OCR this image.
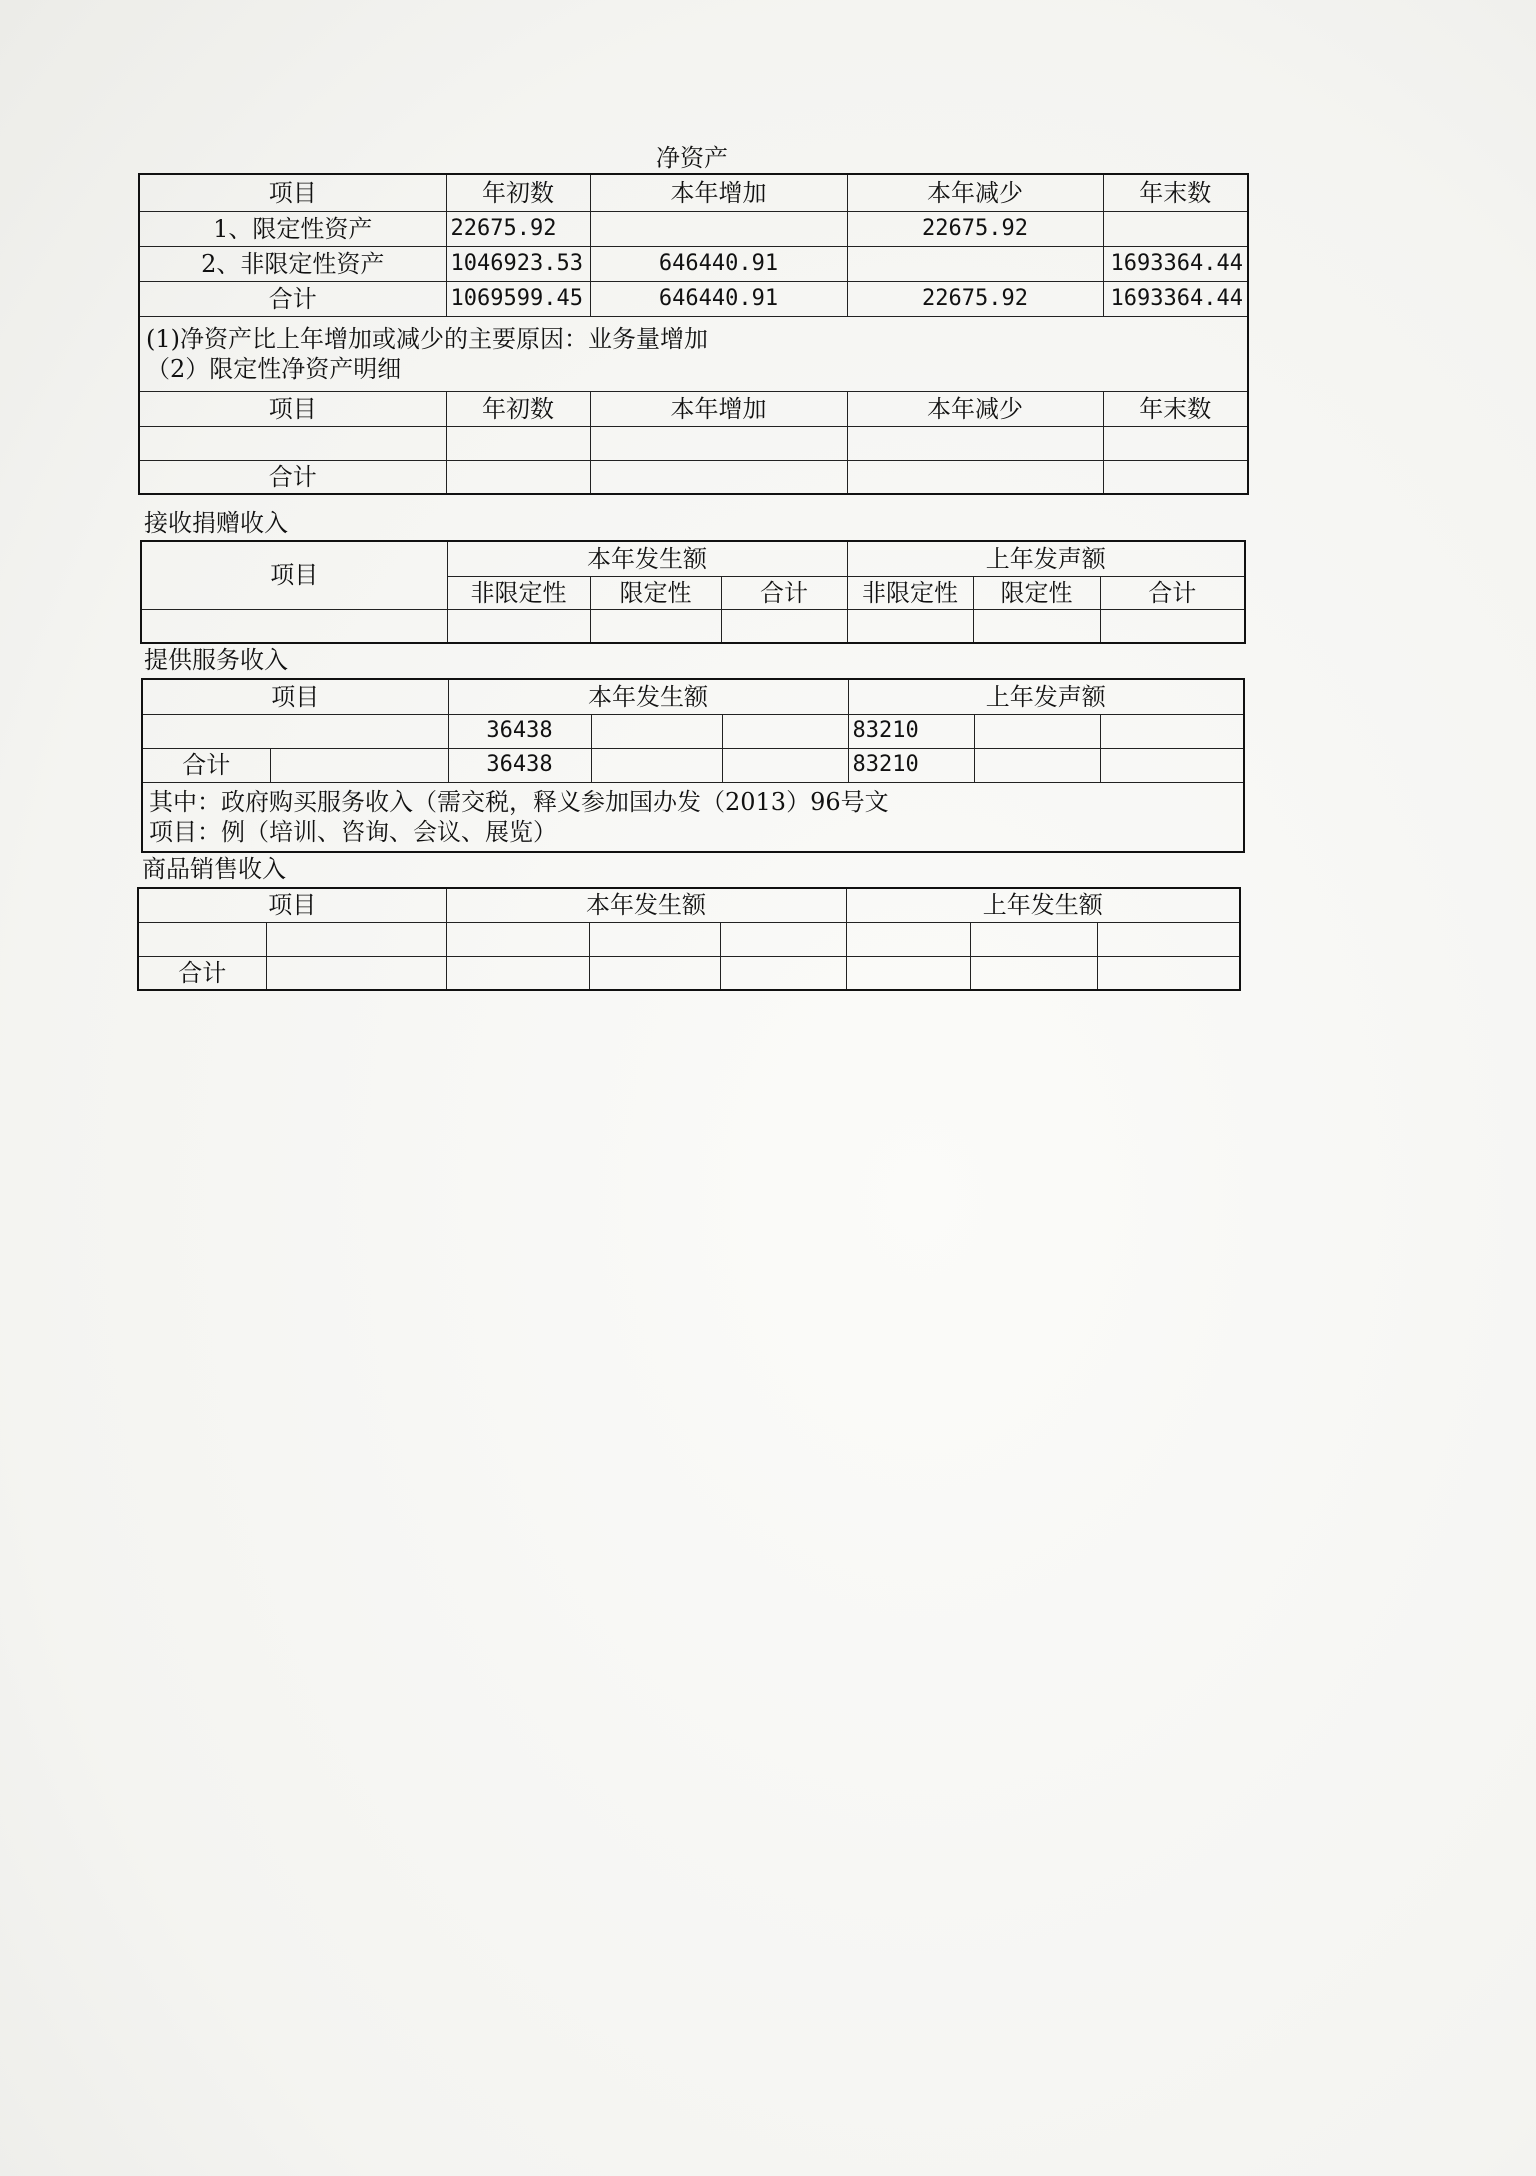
净资产
项目	年初数	本年增加	本年减少	年末数
1、限定性资产	22675.92		22675.92	
2、非限定性资产	1046923.53	646440.91		1693364.44
合计	1069599.45	646440.91	22675.92	1693364.44

(1)净资产比上年增加或减少的主要原因：业务量增加
（2）限定性净资产明细				

项目	年初数	本年增加	本年减少	年末数

合计				
接收捐赠收入
项目	本年发生额			上年发声额		
	非限定性	限定性	合计	非限定性	限定性	合计

提供服务收入
项目		本年发生额			上年发声额		
		36438			83210		
合计		36438			83210		

其中：政府购买服务收入（需交税，释义参加国办发（2013）96号文
项目：例（培训、咨询、会议、展览）							
商品销售收入
项目		本年发生额			上年发生额		

合计							
